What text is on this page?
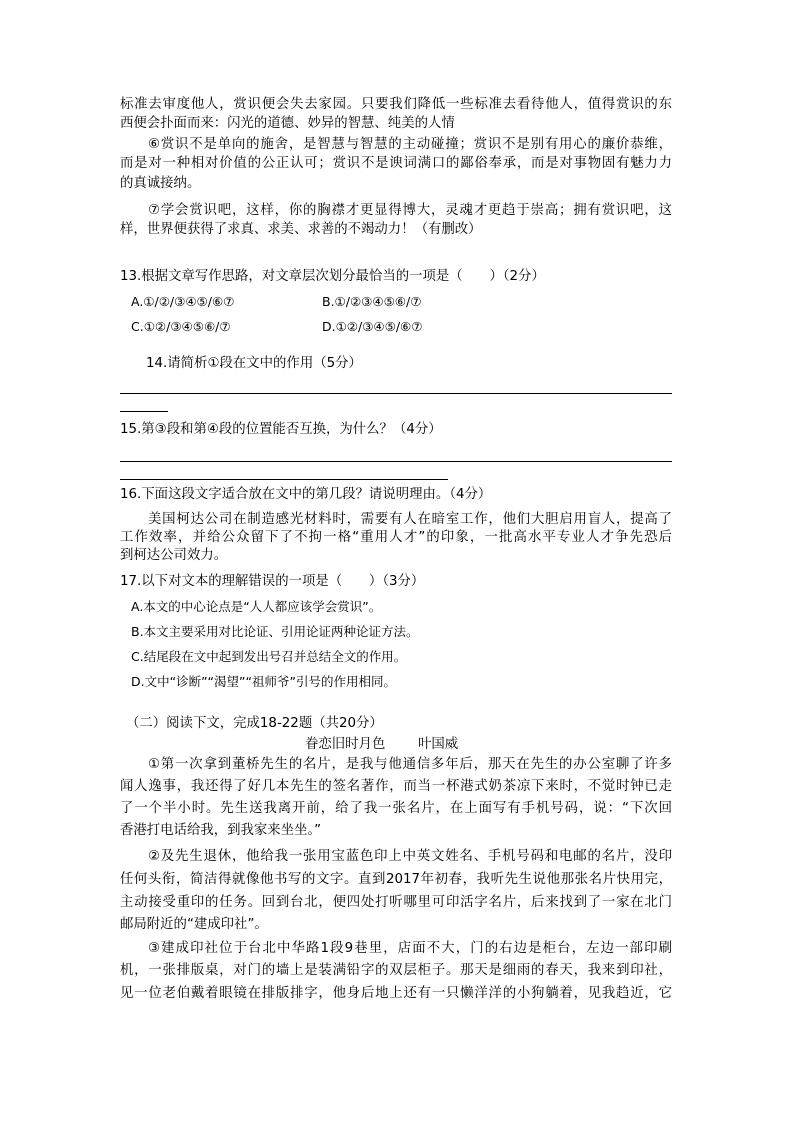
标准去审度他人，赏识便会失去家园。只要我们降低一些标准去看待他人，值得赏识的东
西便会扑面而来：闪光的道德、妙异的智慧、纯美的人情
⑥赏识不是单向的施舍，是智慧与智慧的主动碰撞；赏识不是别有用心的廉价恭维，
而是对一种相对价值的公正认可；赏识不是谀词满口的鄙俗奉承，而是对事物固有魅力力
的真诚接纳。
⑦学会赏识吧，这样，你的胸襟才更显得博大，灵魂才更趋于崇高；拥有赏识吧，这
样，世界便获得了求真、求美、求善的不竭动力！（有删改）
13.根据文章写作思路，对文章层次划分最恰当的一项是（　　）（2分）
A.①/②/③④⑤/⑥⑦	B.①/②③④⑤⑥/⑦
C.①②/③④⑤⑥/⑦	D.①②/③④⑤/⑥⑦
14.请简析①段在文中的作用（5分）
15.第③段和第④段的位置能否互换，为什么？（4分）
16.下面这段文字适合放在文中的第几段？请说明理由。（4分）
美国柯达公司在制造感光材料时，需要有人在暗室工作，他们大胆启用盲人，提高了
工作效率，并给公众留下了不拘一格“重用人才”的印象，一批高水平专业人才争先恐后
到柯达公司效力。
17.以下对文本的理解错误的一项是（　　）（3分）
A.本文的中心论点是“人人都应该学会赏识”。
B.本文主要采用对比论证、引用论证两种论证方法。
C.结尾段在文中起到发出号召并总结全文的作用。
D.文中“诊断”“渴望”“祖师爷”引号的作用相同。
（二）阅读下文，完成18-22题（共20分）
眷恋旧时月色 叶国威
①第一次拿到董桥先生的名片，是我与他通信多年后，那天在先生的办公室聊了许多
闻人逸事，我还得了好几本先生的签名著作，而当一杯港式奶茶凉下来时，不觉时钟已走
了一个半小时。先生送我离开前，给了我一张名片，在上面写有手机号码，说：“下次回
香港打电话给我，到我家来坐坐。”
②及先生退休，他给我一张用宝蓝色印上中英文姓名、手机号码和电邮的名片，没印
任何头衔，简洁得就像他书写的文字。直到2017年初春，我听先生说他那张名片快用完，
主动接受重印的任务。回到台北，便四处打听哪里可印活字名片，后来找到了一家在北门
邮局附近的“建成印社”。
③建成印社位于台北中华路1段9巷里，店面不大，门的右边是柜台，左边一部印刷
机，一张排版桌，对门的墙上是装满铅字的双层柜子。那天是细雨的春天，我来到印社，
见一位老伯戴着眼镜在排版排字，他身后地上还有一只懒洋洋的小狗躺着，见我趋近，它
